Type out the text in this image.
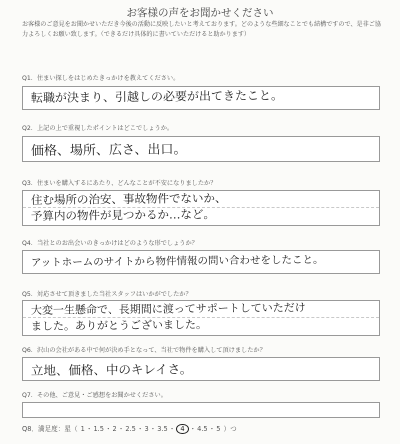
お客様の声をお聞かせください
お客様のご意見をお聞かせいただき今後の活動に反映したいと考えております。どのような些細なことでも結構ですので、是非ご協力よろしくお願い致します。（できるだけ具体的に書いていただけると助かります）
Q1．住まい探しをはじめたきっかけを教えてください。
転職が決まり、引越しの必要が出てきたこと。
Q2．上記の上で重視したポイントはどこでしょうか。
価格、場所、広さ、出口。
Q3．住まいを購入するにあたり、どんなことが不安になりましたか？
住む場所の治安、事故物件でないか、
予算内の物件が見つかるか…など。
Q4．当社とのお出会いのきっかけはどのような形でしょうか？
アットホームのサイトから物件情報の問い合わせをしたこと。
Q5．対応させて頂きました当社スタッフはいかがでしたか？
大変一生懸命で、長期間に渡ってサポートしていただけ
ました。ありがとうございました。
Q6．沢山の会社がある中で何が決め手となって、当社で物件を購入して頂けましたか？
立地、価格、中のキレイさ。
Q7．その他、ご意見・ご感想をお聞かせください。
Q8．満足度：星（ 1・1.5・2・2.5・3・3.5・ 4 ・4.5・5 ）つ
